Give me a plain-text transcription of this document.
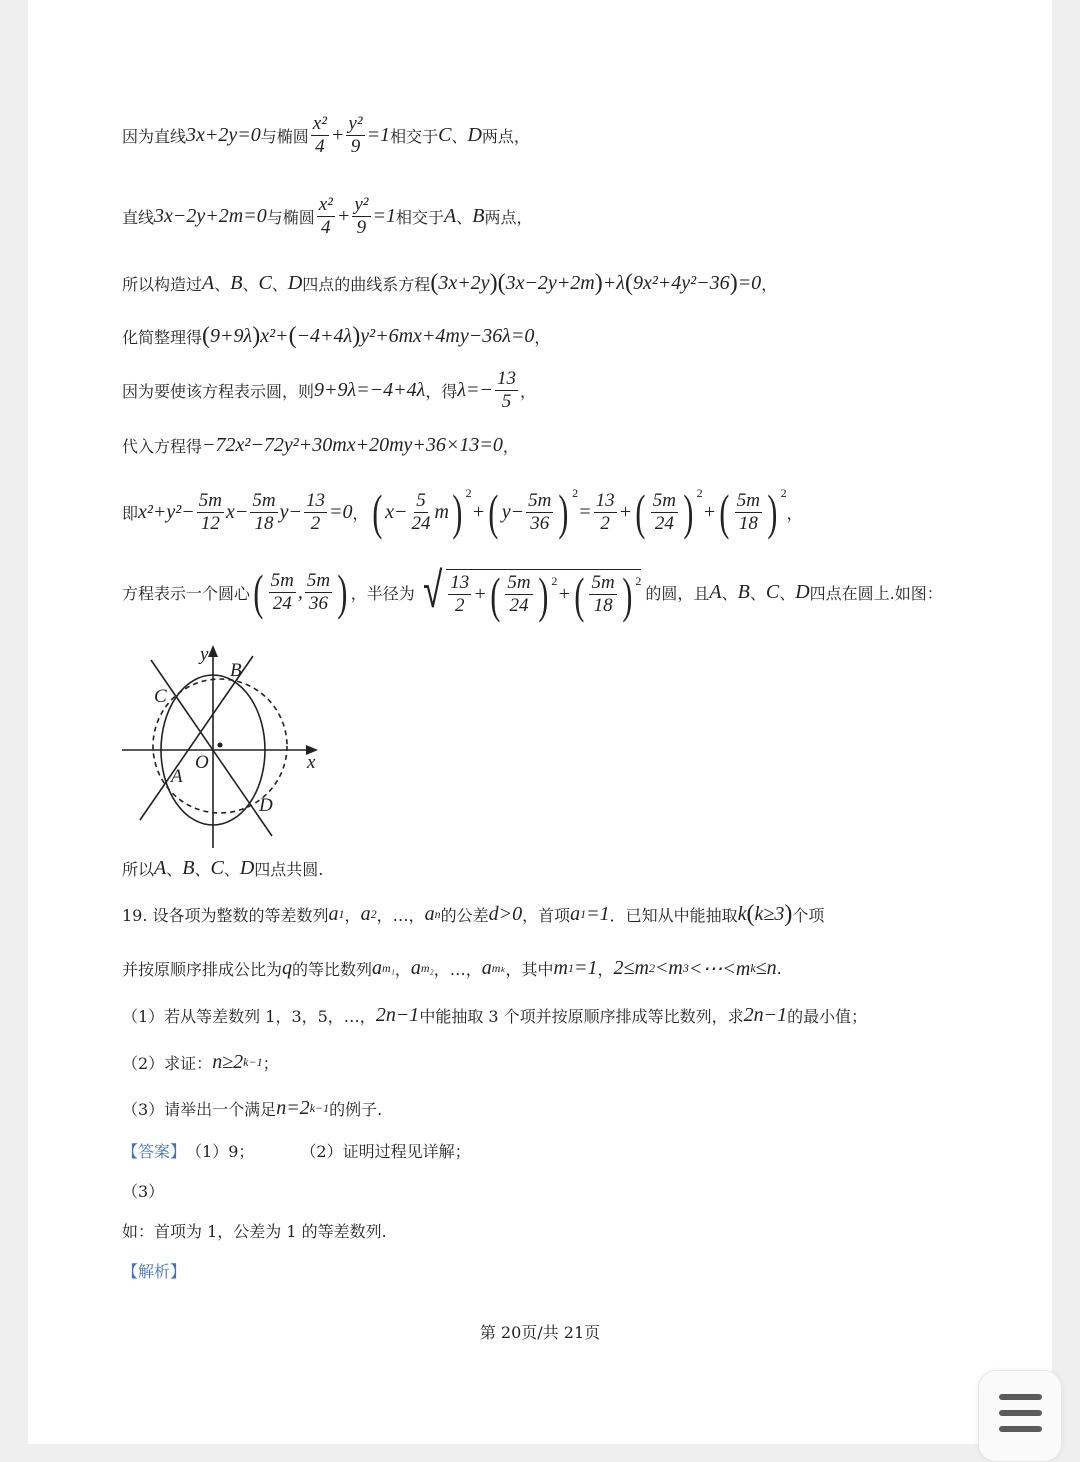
因为直线 3x+2y=0 与椭圆 $\frac{\text{x²}}{4} + \frac{\text{y²}}{9} =1$ 相交于 C 、 D 两点，
直线 3x−2y+2m=0 与椭圆 $\frac{\text{x²}}{4} + \frac{\text{y²}}{9} =1$ 相交于 A 、 B 两点，
所以构造过 A 、 B 、 C 、 D 四点的曲线系方程 ( 3x+2y ) ( 3x−2y+2m ) +λ ( 9x²+4y²−36 ) =0 ，
化简整理得 ( 9+9λ ) x²+ ( −4+4λ ) y²+6mx+4my−36λ=0 ，
因为要使该方程表示圆，则 9+9λ=−4+4λ ，得 $\lambda=- \frac{13}{5}$ ，
代入方程得 −72x²−72y²+30mx+20my+36×13=0 ，
即 $x^2+y^2- \frac{5m}{12} x- \frac{5m}{18} y- \frac{13}{2} =0$ ， ( $x- \frac{5}{24}$ m ) 2
+ ( $y- \frac{5m}{36}$ ) 2
= $\frac{13}{2}$ + ( $\frac{5m}{24}$ ) 2
+ ( $\frac{5m}{18}$ ) 2
，
方程表示一个圆心 ( $\frac{5m}{24}$ , $\frac{5m}{36}$ ) ，半径为 √ $\frac{13}{2}$ + ( $\frac{5m}{24}$ ) 2
+ ( $\frac{5m}{18}$ ) 2
的圆，且 A 、 B 、 C 、 D 四点在圆上.如图：
y
x
O
A
B
C
D
所以 A 、 B 、 C 、 D 四点共圆.
19. 设各项为整数的等差数列 a 1 ， a 2 ，…， a n 的公差 d>0 ，首项 a 1 =1 ．已知从中能抽取 k ( k≥3 ) 个项
并按原顺序排成公比为 q 的等比数列 a m₁ ， a m₂ ，…， a mₖ ，其中 m 1 =1 ， 2≤m 2 <m 3 <⋯<m k ≤n .
（1）若从等差数列 1，3，5，…， 2n−1 中能抽取 3 个项并按原顺序排成等比数列，求 2n−1 的最小值；
（2）求证： n≥2 k−1 ；
（3）请举出一个满足 n=2 k−1 的例子.
【答案】 （1）9；	（2）证明过程见详解；
（3）
如：首项为 1，公差为 1 的等差数列.
【解析】
第 20页/共 21页
